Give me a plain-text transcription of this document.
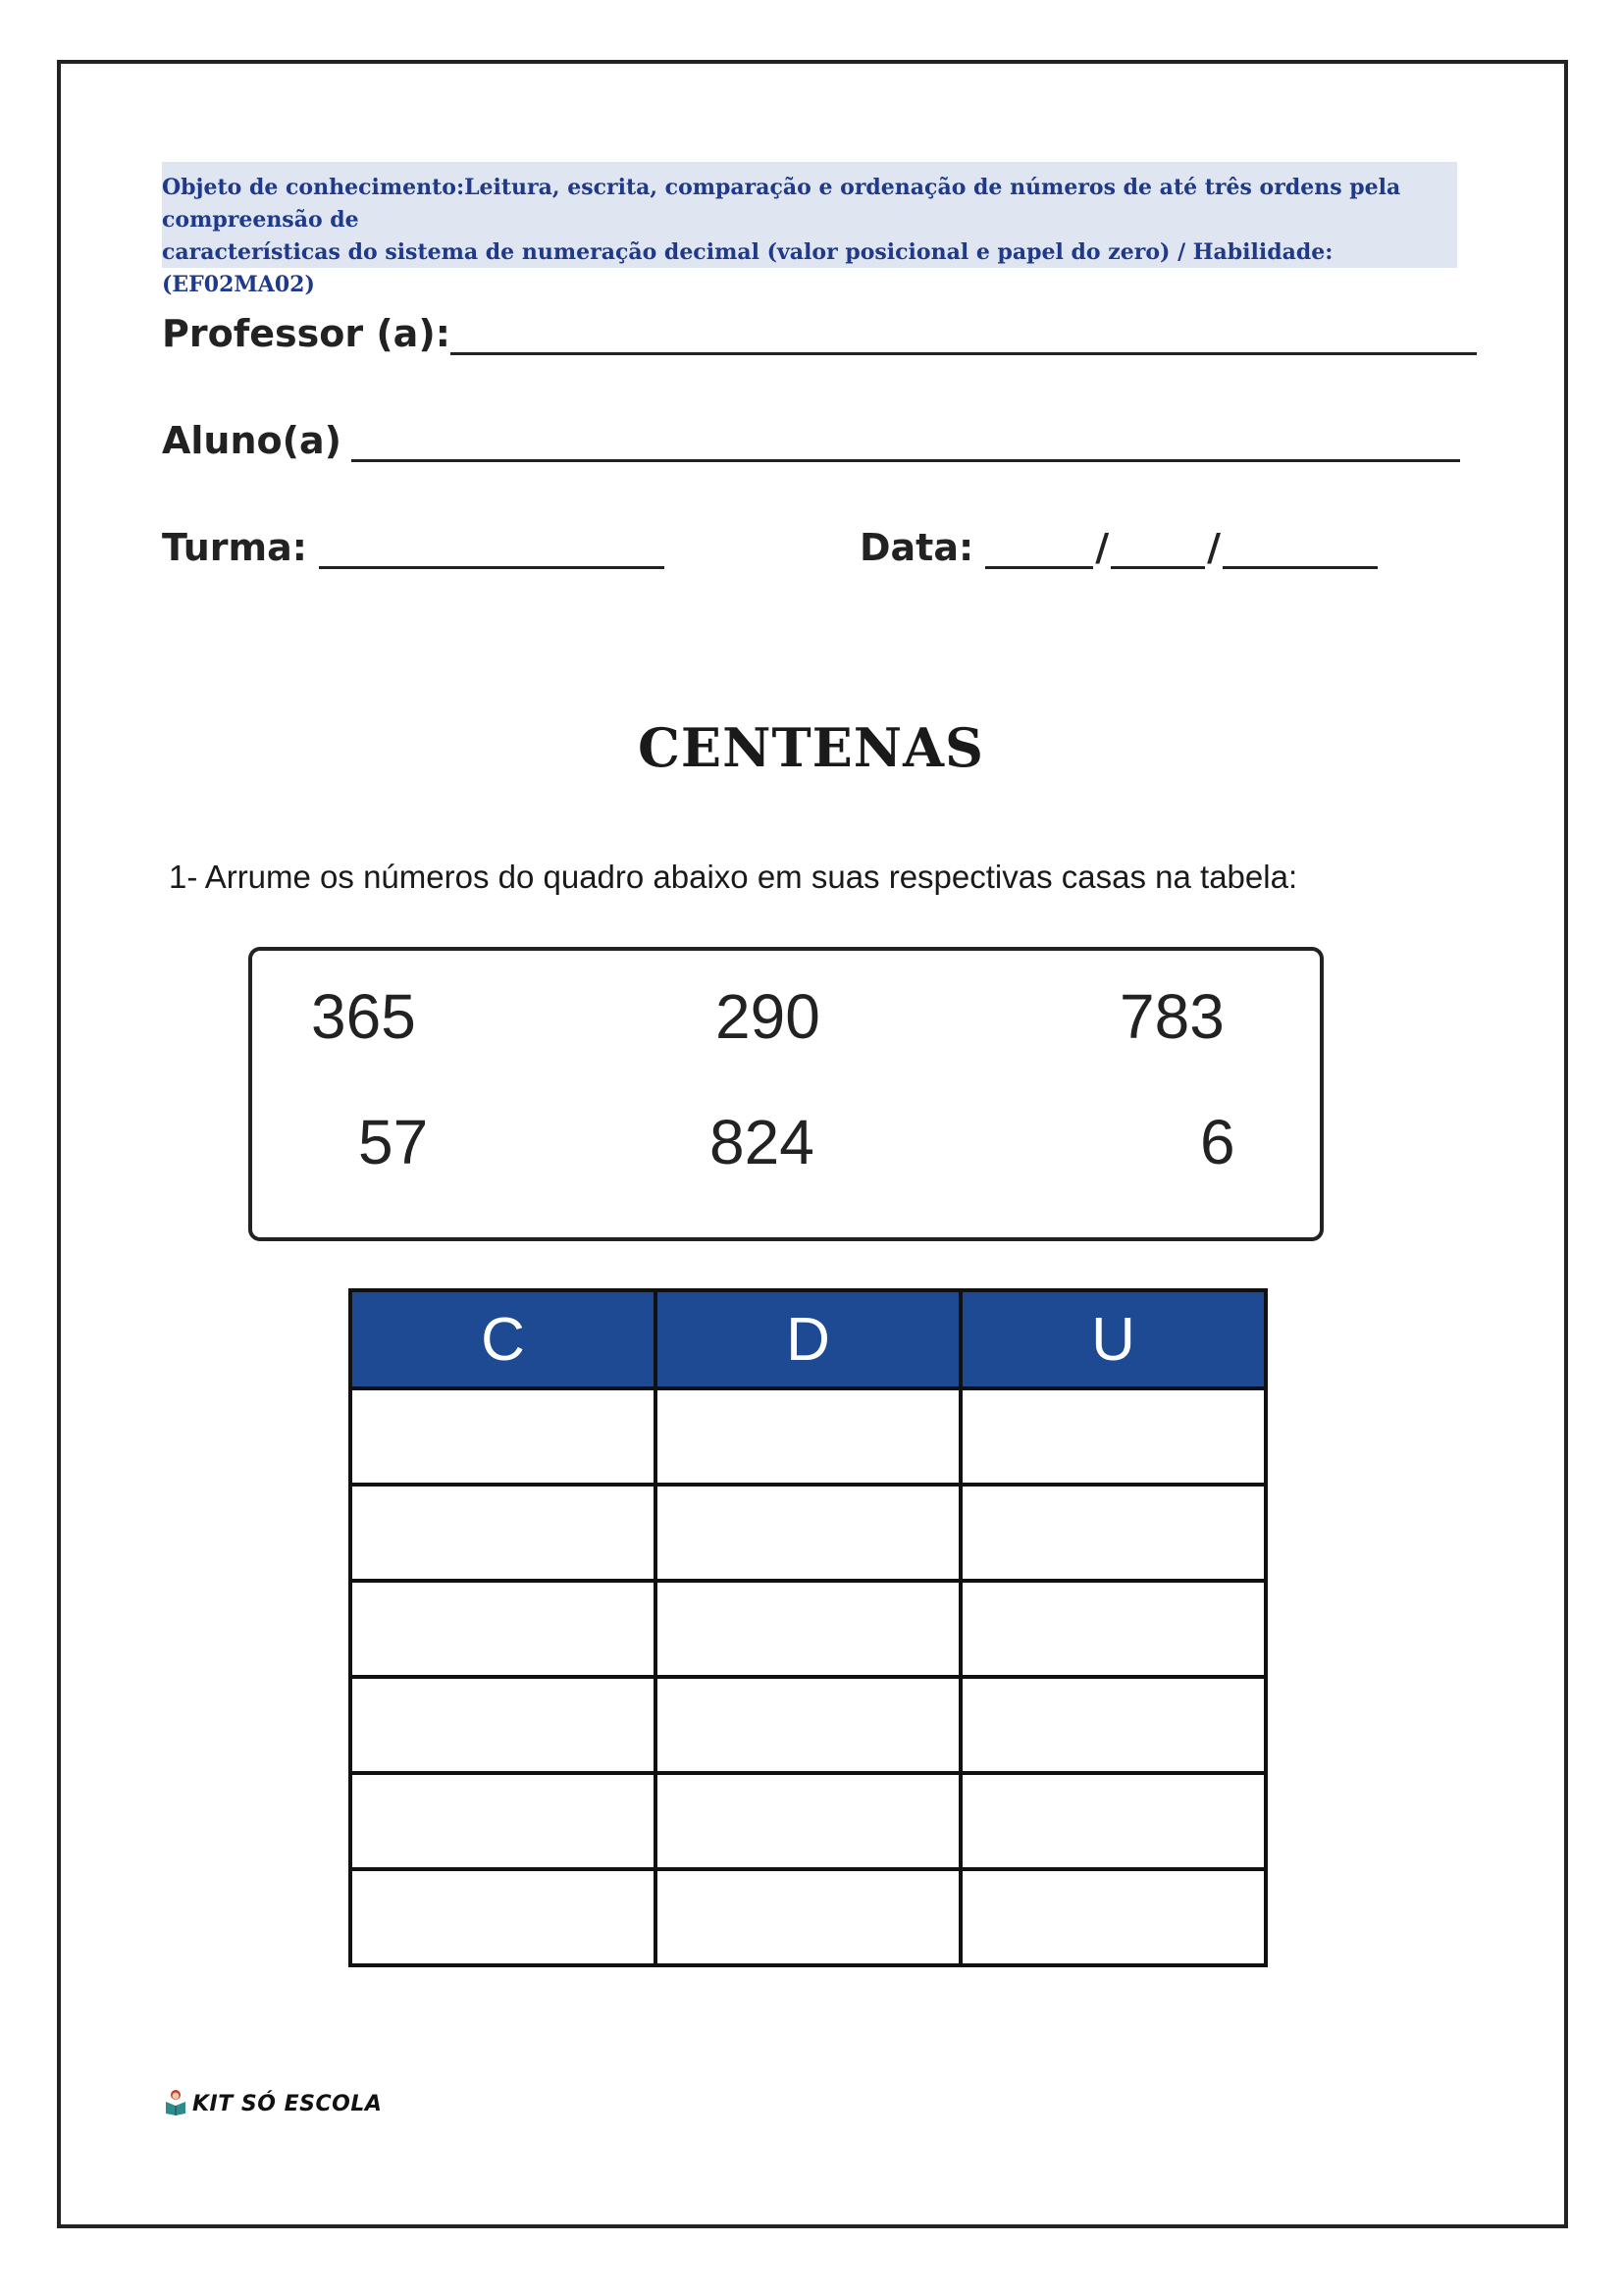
Objeto de conhecimento:Leitura, escrita, comparação e ordenação de números de até três ordens pela compreensão de
características do sistema de numeração decimal (valor posicional e papel do zero) / Habilidade: (EF02MA02)
Professor (a):
Aluno(a)
Turma:	Data:	/	/
CENTENAS
1- Arrume os números do quadro abaixo em suas respectivas casas na tabela:
365	290	783
57	824	6
C	D	U

KIT SÓ ESCOLA
